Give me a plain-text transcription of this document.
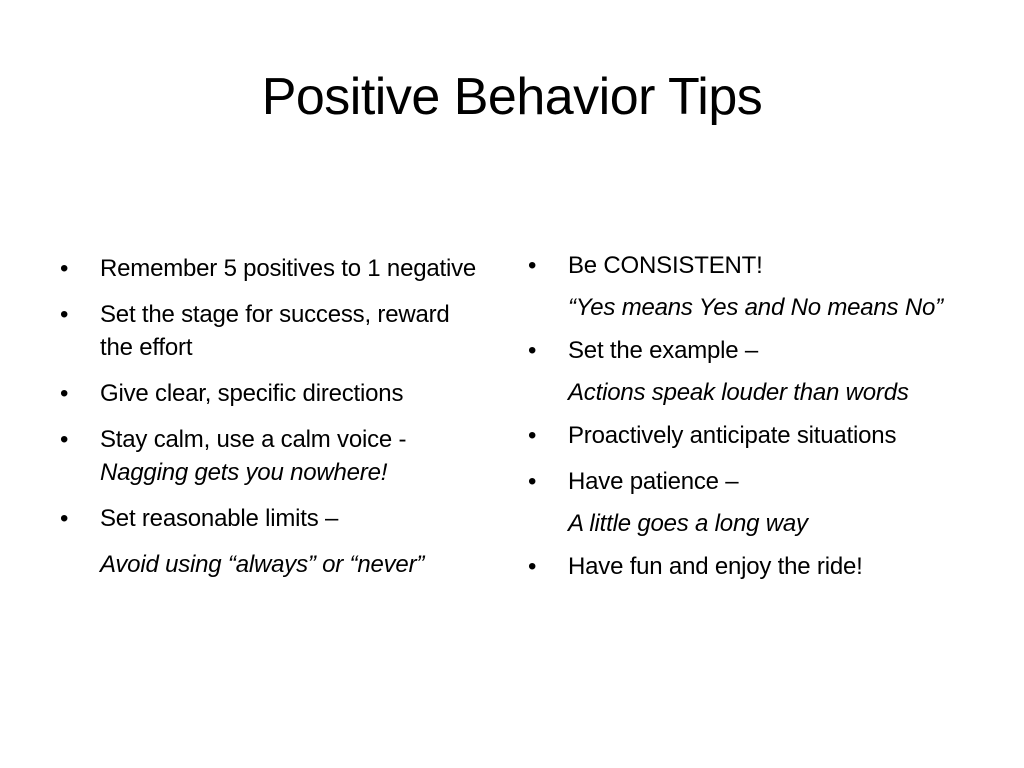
Positive Behavior Tips
•	Remember 5 positives to 1 negative
•	Set the stage for success, reward the effort
•	Give clear, specific directions
•	Stay calm, use a calm voice -
Nagging gets you nowhere!
•	Set reasonable limits –
Avoid using “always” or “never”
•	Be CONSISTENT!
“Yes means Yes and No means No”
•	Set the example –
Actions speak louder than words
•	Proactively anticipate situations
•	Have patience –
A little goes a long way
•	Have fun and enjoy the ride!
